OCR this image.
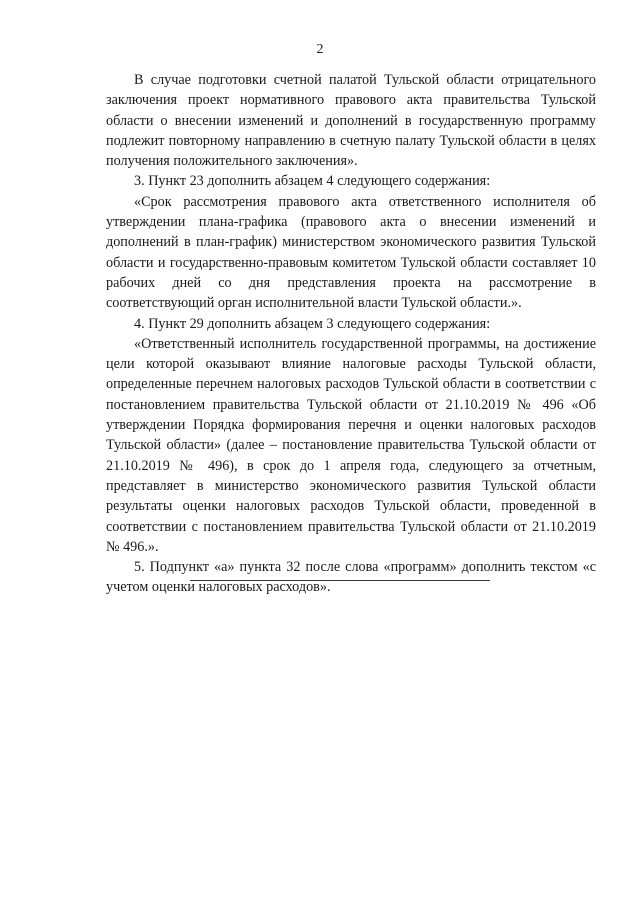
2

В случае подготовки счетной палатой Тульской области отрицательного заключения проект нормативного правового акта правительства Тульской области о внесении изменений и дополнений в государственную программу подлежит повторному направлению в счетную палату Тульской области в целях получения положительного заключения».

3. Пункт 23 дополнить абзацем 4 следующего содержания:

«Срок рассмотрения правового акта ответственного исполнителя об утверждении плана-графика (правового акта о внесении изменений и дополнений в план-график) министерством экономического развития Тульской области и государственно-правовым комитетом Тульской области составляет 10 рабочих дней со дня представления проекта на рассмотрение в соответствующий орган исполнительной власти Тульской области.».

4. Пункт 29 дополнить абзацем 3 следующего содержания:

«Ответственный исполнитель государственной программы, на достижение цели которой оказывают влияние налоговые расходы Тульской области, определенные перечнем налоговых расходов Тульской области в соответствии с постановлением правительства Тульской области от 21.10.2019 № 496 «Об утверждении Порядка формирования перечня и оценки налоговых расходов Тульской области» (далее – постановление правительства Тульской области от 21.10.2019 № 496), в срок до 1 апреля года, следующего за отчетным, представляет в министерство экономического развития Тульской области результаты оценки налоговых расходов Тульской области, проведенной в соответствии с постановлением правительства Тульской области от 21.10.2019 № 496.».

5. Подпункт «а» пункта 32 после слова «программ» дополнить текстом «с учетом оценки налоговых расходов».
